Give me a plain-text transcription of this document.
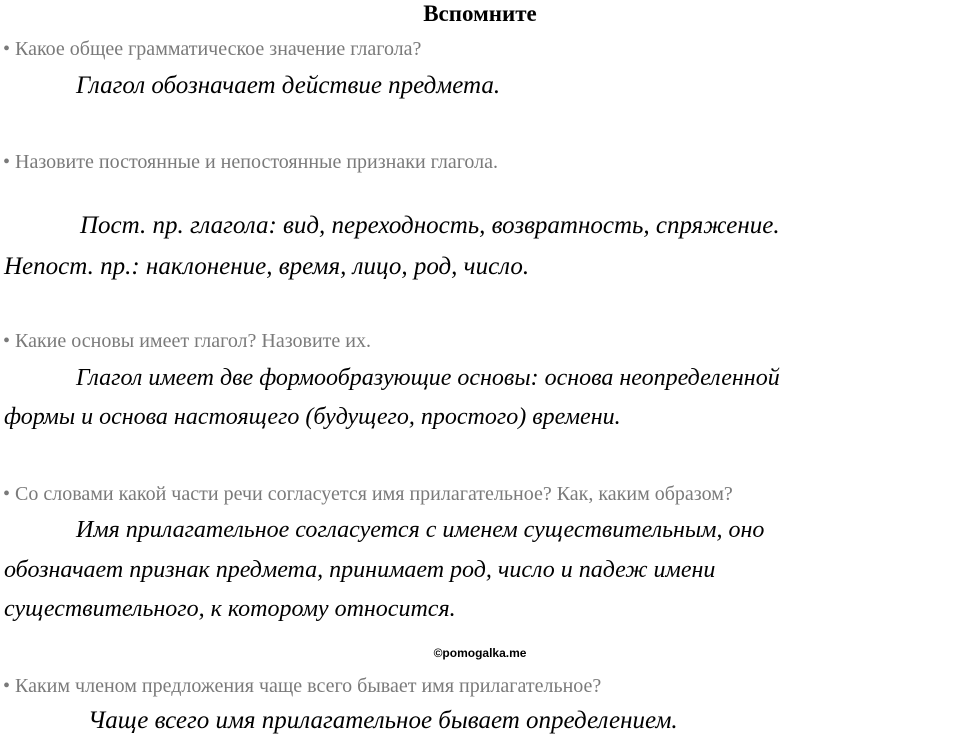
Вспомните
• Какое общее грамматическое значение глагола?
Глагол обозначает действие предмета.
• Назовите постоянные и непостоянные признаки глагола.
Пост. пр. глагола: вид, переходность, возвратность, спряжение.
Непост. пр.: наклонение, время, лицо, род, число.
• Какие основы имеет глагол? Назовите их.
Глагол имеет две формообразующие основы: основа неопределенной
формы и основа настоящего (будущего, простого) времени.
• Со словами какой части речи согласуется имя прилагательное? Как, каким образом?
Имя прилагательное согласуется с именем существительным, оно
обозначает признак предмета, принимает род, число и падеж имени
существительного, к которому относится.
©pomogalka.me
• Каким членом предложения чаще всего бывает имя прилагательное?
Чаще всего имя прилагательное бывает определением.
